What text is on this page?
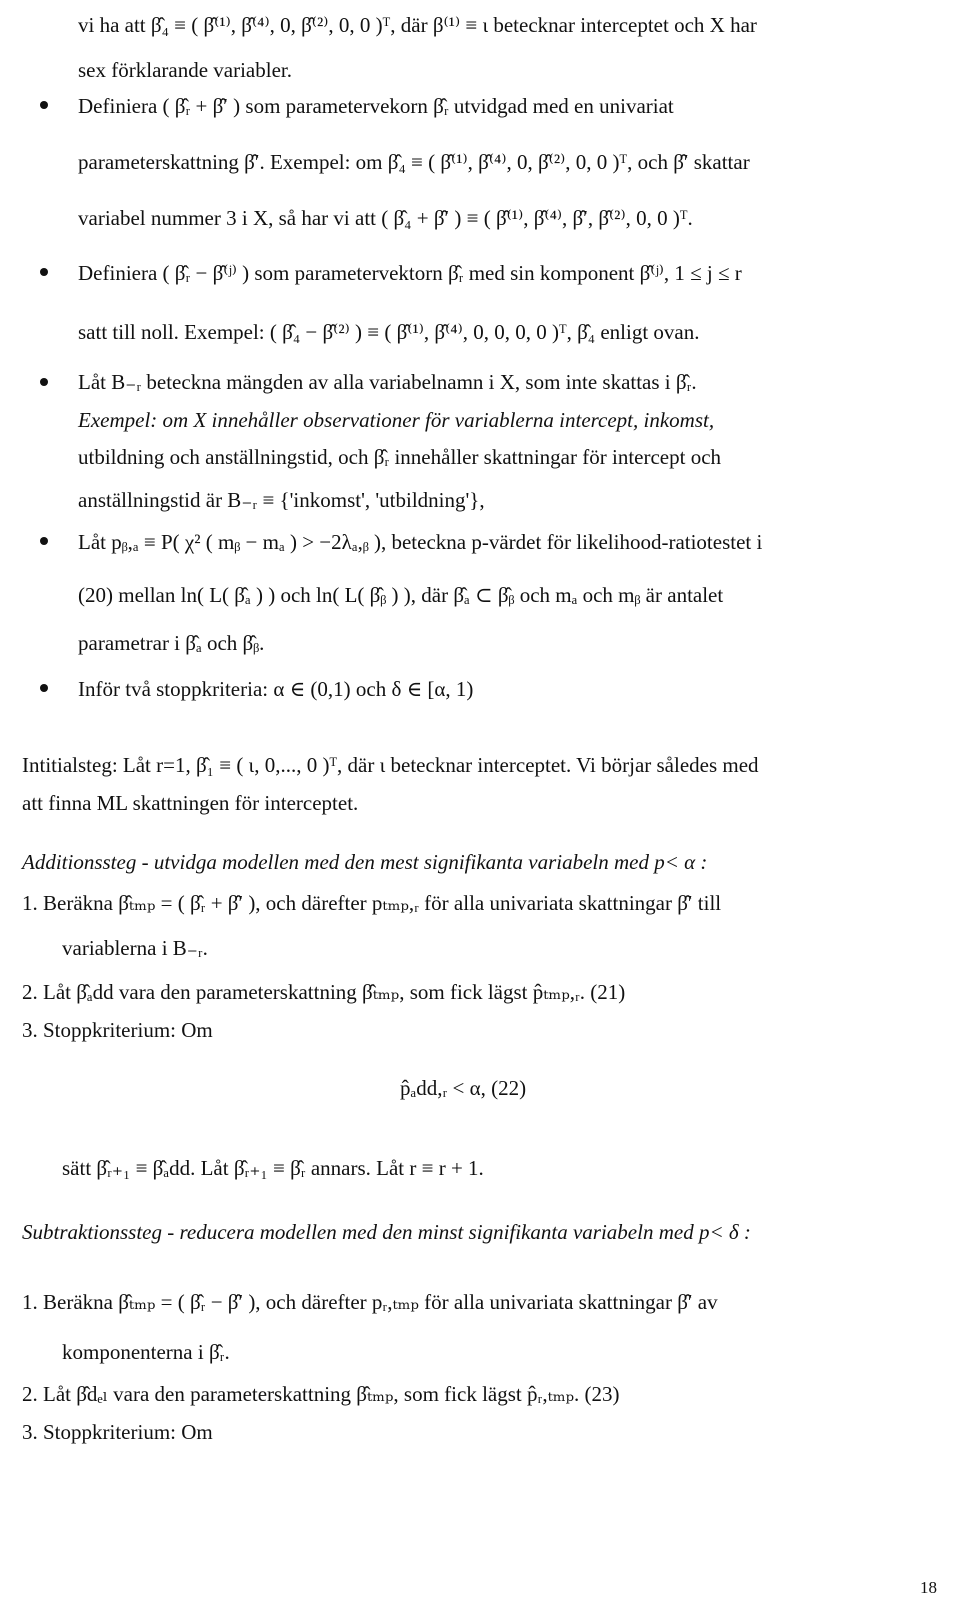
vi ha att β̂₄ ≡ ( β̂⁽¹⁾, β̂⁽⁴⁾, 0, β̂⁽²⁾, 0, 0 )ᵀ, där β⁽¹⁾ ≡ ι betecknar interceptet och X har
sex förklarande variabler.
Definiera ( β̂ᵣ + β̂′ ) som parametervekorn β̂ᵣ utvidgad med en univariat
parameterskattning β̂′. Exempel: om β̂₄ ≡ ( β̂⁽¹⁾, β̂⁽⁴⁾, 0, β̂⁽²⁾, 0, 0 )ᵀ, och β̂′ skattar
variabel nummer 3 i X, så har vi att ( β̂₄ + β̂′ ) ≡ ( β̂⁽¹⁾, β̂⁽⁴⁾, β̂′, β̂⁽²⁾, 0, 0 )ᵀ.
Definiera ( β̂ᵣ − β̂⁽ʲ⁾ ) som parametervektorn β̂ᵣ med sin komponent β̂⁽ʲ⁾, 1 ≤ j ≤ r
satt till noll. Exempel: ( β̂₄ − β̂⁽²⁾ ) ≡ ( β̂⁽¹⁾, β̂⁽⁴⁾, 0, 0, 0, 0 )ᵀ, β̂₄ enligt ovan.
Låt B₋ᵣ beteckna mängden av alla variabelnamn i X, som inte skattas i β̂ᵣ.
Exempel: om X innehåller observationer för variablerna intercept, inkomst,
utbildning och anställningstid, och β̂ᵣ innehåller skattningar för intercept och
anställningstid är B₋ᵣ ≡ {'inkomst', 'utbildning'},
Låt pᵦ,ₐ ≡ P( χ² ( mᵦ − mₐ ) > −2λₐ,ᵦ ), beteckna p-värdet för likelihood-ratiotestet i
(20) mellan ln( L( β̂ₐ ) ) och ln( L( β̂ᵦ ) ), där β̂ₐ ⊂ β̂ᵦ och mₐ och mᵦ är antalet
parametrar i β̂ₐ och β̂ᵦ.
Inför två stoppkriteria: α ∈ (0,1) och δ ∈ [α, 1)
Intitialsteg: Låt r=1, β̂₁ ≡ ( ι, 0,..., 0 )ᵀ, där ι betecknar interceptet. Vi börjar således med
att finna ML skattningen för interceptet.
Additionssteg - utvidga modellen med den mest signifikanta variabeln med p< α :
1. Beräkna β̂ₜₘₚ = ( β̂ᵣ + β̂′ ), och därefter pₜₘₚ,ᵣ för alla univariata skattningar β̂′ till
variablerna i B₋ᵣ.
2. Låt β̂ₐdd vara den parameterskattning β̂ₜₘₚ, som fick lägst p̂ₜₘₚ,ᵣ. (21)
3. Stoppkriterium: Om
p̂ₐdd,ᵣ < α, (22)
sätt β̂ᵣ₊₁ ≡ β̂ₐdd. Låt β̂ᵣ₊₁ ≡ β̂ᵣ annars. Låt r ≡ r + 1.
Subtraktionssteg - reducera modellen med den minst signifikanta variabeln med p< δ :
1. Beräkna β̂ₜₘₚ = ( β̂ᵣ − β̂′ ), och därefter pᵣ,ₜₘₚ för alla univariata skattningar β̂′ av
komponenterna i β̂ᵣ.
2. Låt β̂dₑₗ vara den parameterskattning β̂ₜₘₚ, som fick lägst p̂ᵣ,ₜₘₚ. (23)
3. Stoppkriterium: Om
18
